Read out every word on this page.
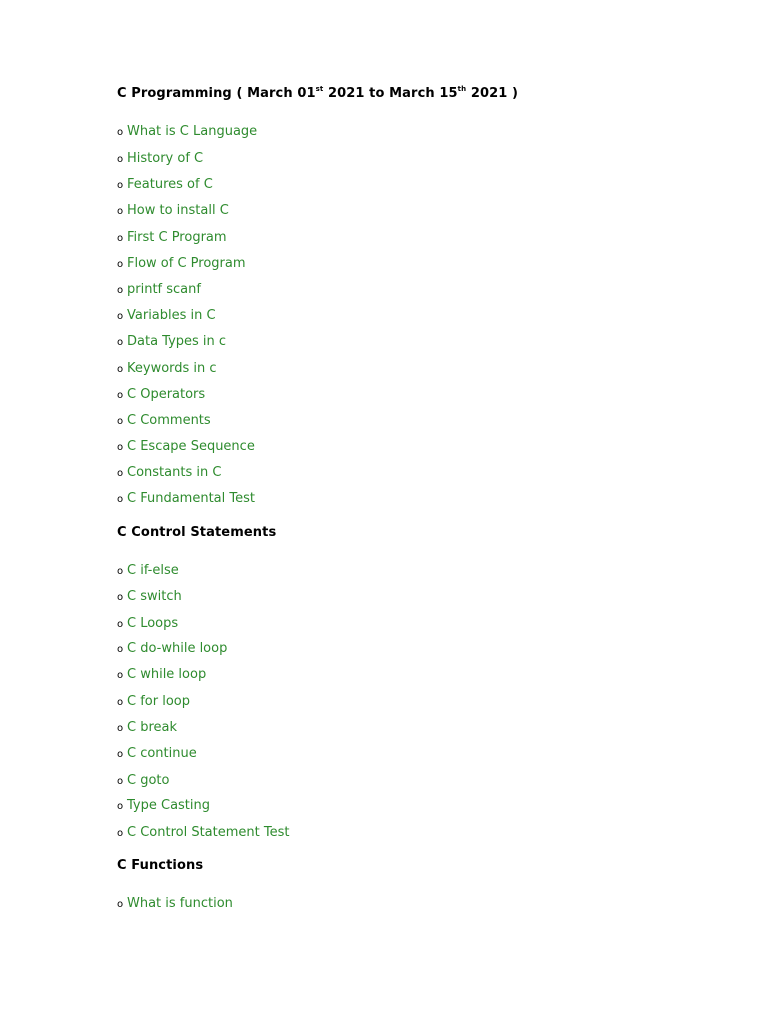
C Programming ( March 01st 2021 to March 15th 2021 )
o What is C Language
o History of C
o Features of C
o How to install C
o First C Program
o Flow of C Program
o printf scanf
o Variables in C
o Data Types in c
o Keywords in c
o C Operators
o C Comments
o C Escape Sequence
o Constants in C
o C Fundamental Test
C Control Statements
o C if-else
o C switch
o C Loops
o C do-while loop
o C while loop
o C for loop
o C break
o C continue
o C goto
o Type Casting
o C Control Statement Test
C Functions
o What is function
